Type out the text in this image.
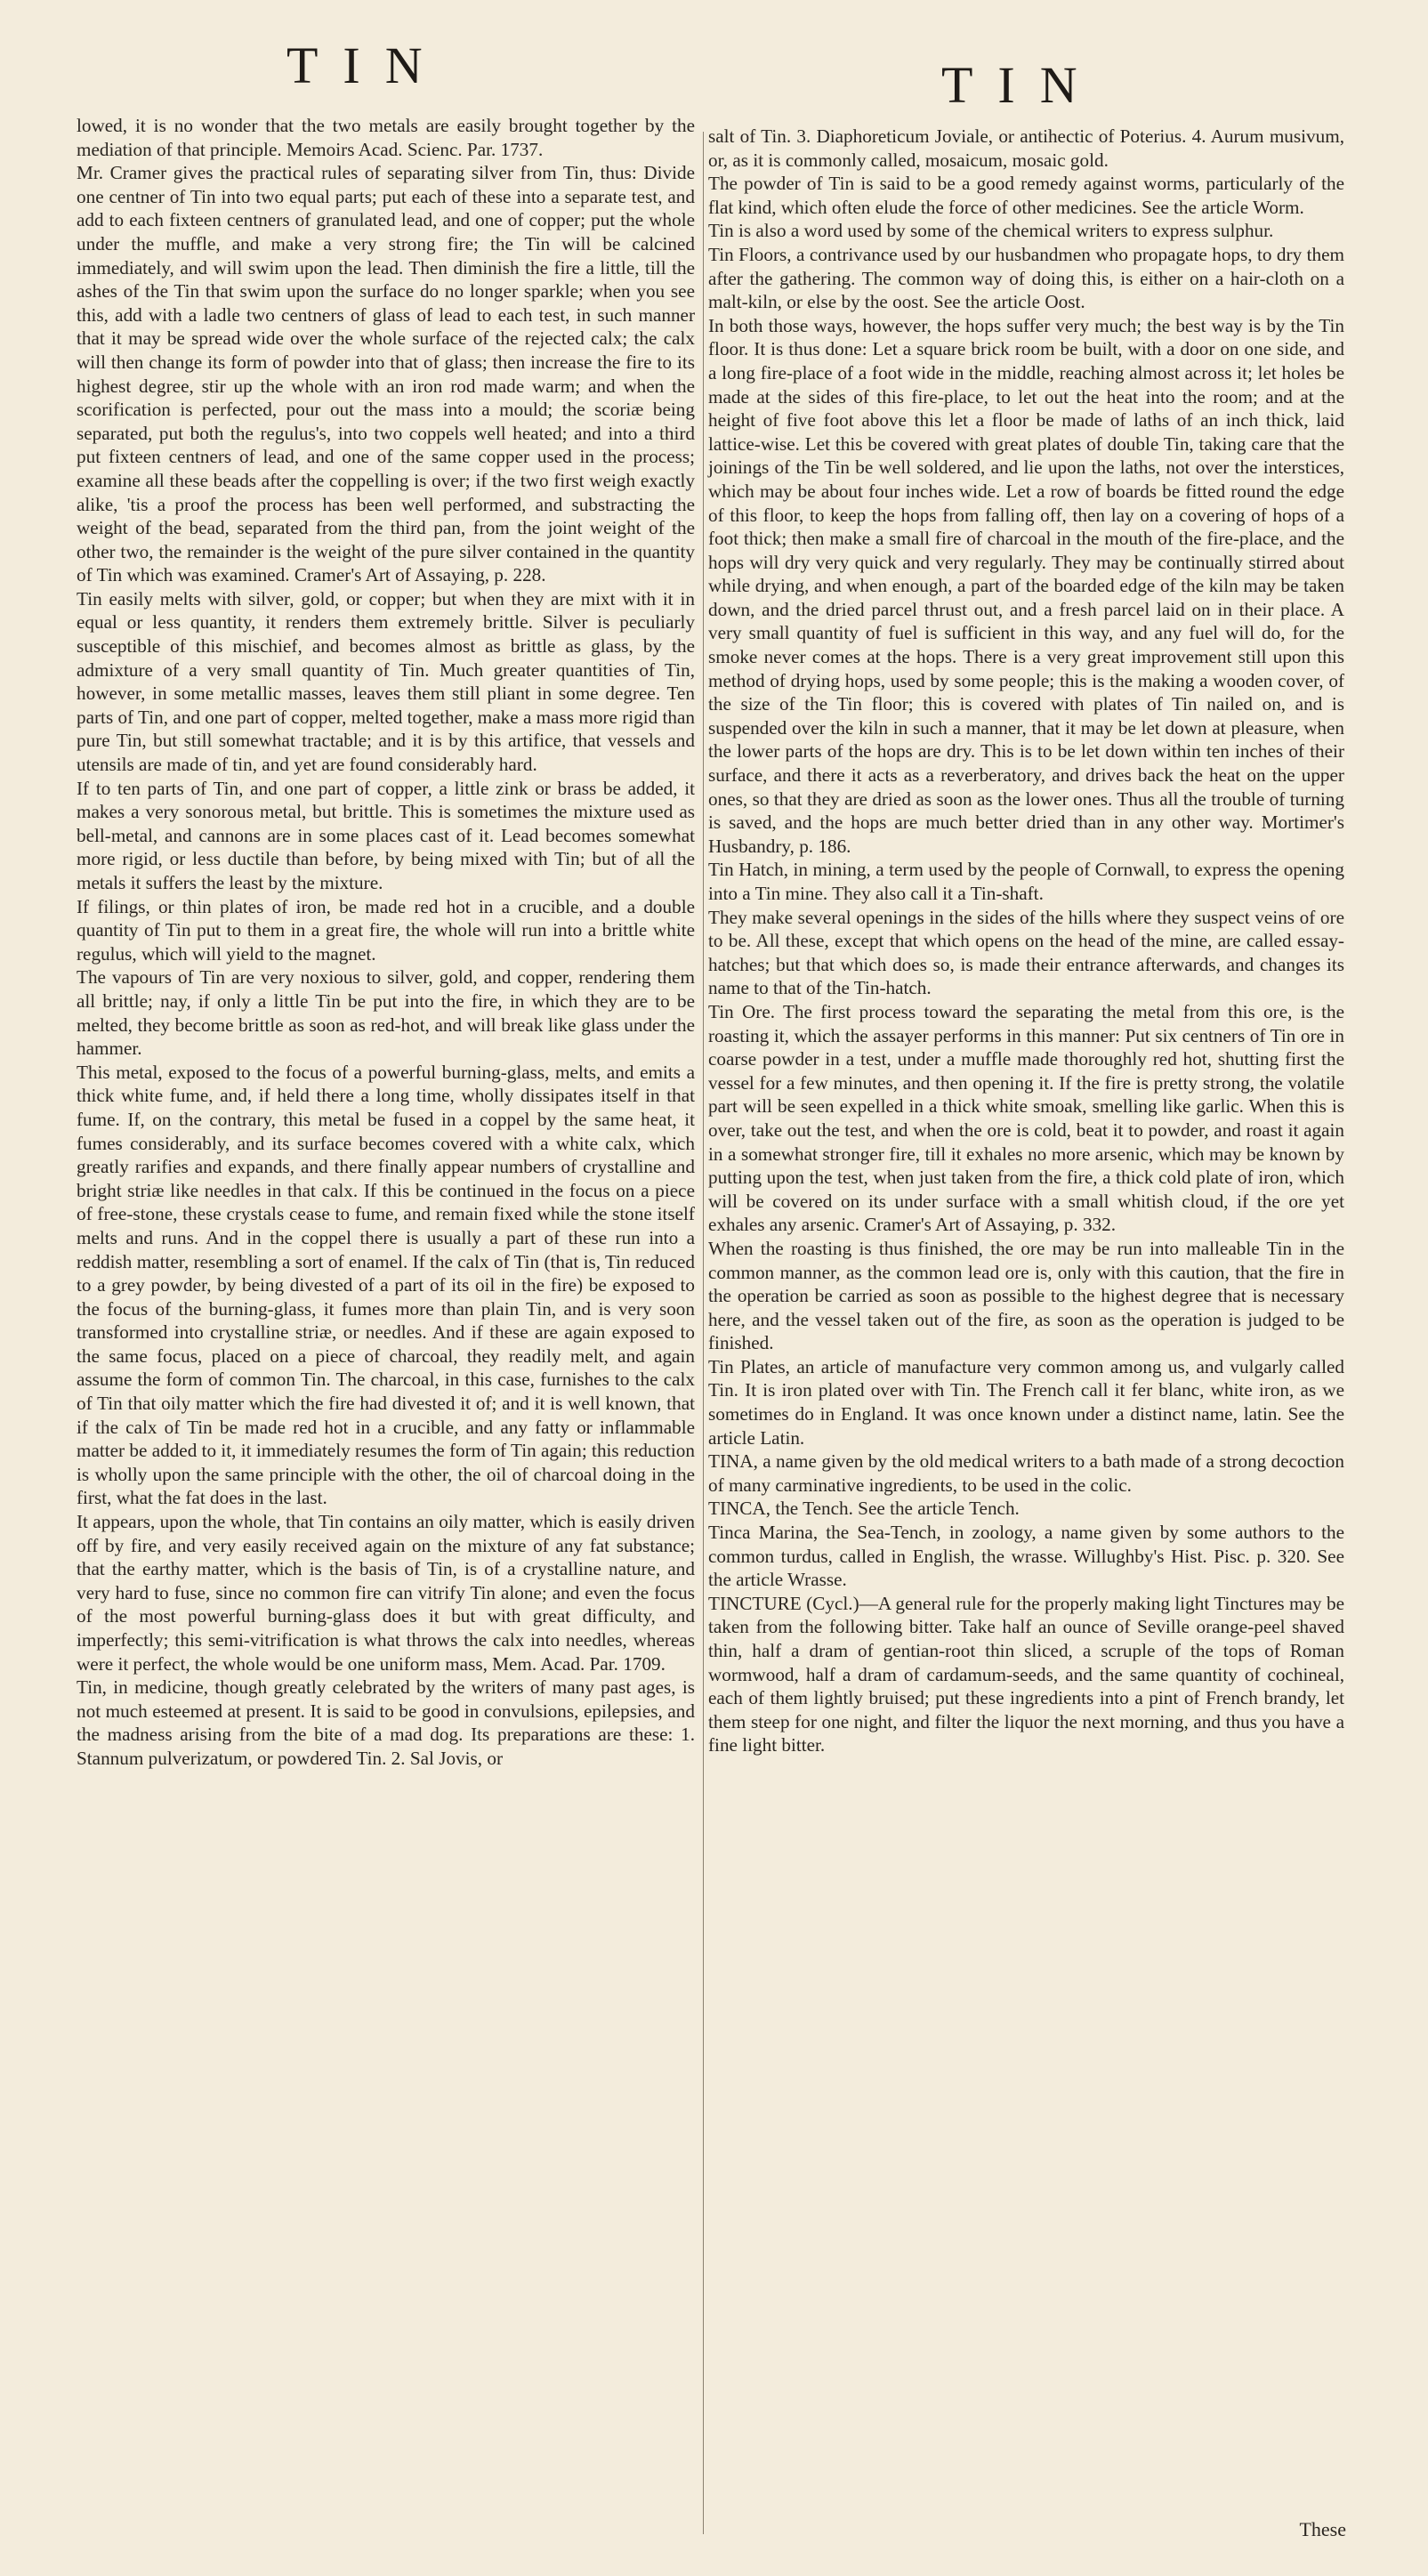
TIN	TIN

lowed, it is no wonder that the two metals are easily brought together by the mediation of that principle. Memoirs Acad. Scienc. Par. 1737.

Mr. Cramer gives the practical rules of separating silver from Tin, thus: Divide one centner of Tin into two equal parts; put each of these into a separate test, and add to each fixteen centners of granulated lead, and one of copper; put the whole under the muffle, and make a very strong fire; the Tin will be calcined immediately, and will swim upon the lead. Then diminish the fire a little, till the ashes of the Tin that swim upon the surface do no longer sparkle; when you see this, add with a ladle two centners of glass of lead to each test, in such manner that it may be spread wide over the whole surface of the rejected calx; the calx will then change its form of powder into that of glass; then increase the fire to its highest degree, stir up the whole with an iron rod made warm; and when the scorification is perfected, pour out the mass into a mould; the scoriæ being separated, put both the regulus's, into two coppels well heated; and into a third put fixteen centners of lead, and one of the same copper used in the process; examine all these beads after the coppelling is over; if the two first weigh exactly alike, 'tis a proof the process has been well performed, and substracting the weight of the bead, separated from the third pan, from the joint weight of the other two, the remainder is the weight of the pure silver contained in the quantity of Tin which was examined. Cramer's Art of Assaying, p. 228.

Tin easily melts with silver, gold, or copper; but when they are mixt with it in equal or less quantity, it renders them extremely brittle. Silver is peculiarly susceptible of this mischief, and becomes almost as brittle as glass, by the admixture of a very small quantity of Tin. Much greater quantities of Tin, however, in some metallic masses, leaves them still pliant in some degree. Ten parts of Tin, and one part of copper, melted together, make a mass more rigid than pure Tin, but still somewhat tractable; and it is by this artifice, that vessels and utensils are made of tin, and yet are found considerably hard.

If to ten parts of Tin, and one part of copper, a little zink or brass be added, it makes a very sonorous metal, but brittle. This is sometimes the mixture used as bell-metal, and cannons are in some places cast of it. Lead becomes somewhat more rigid, or less ductile than before, by being mixed with Tin; but of all the metals it suffers the least by the mixture.

If filings, or thin plates of iron, be made red hot in a crucible, and a double quantity of Tin put to them in a great fire, the whole will run into a brittle white regulus, which will yield to the magnet.

The vapours of Tin are very noxious to silver, gold, and copper, rendering them all brittle; nay, if only a little Tin be put into the fire, in which they are to be melted, they become brittle as soon as red-hot, and will break like glass under the hammer.

This metal, exposed to the focus of a powerful burning-glass, melts, and emits a thick white fume, and, if held there a long time, wholly dissipates itself in that fume. If, on the contrary, this metal be fused in a coppel by the same heat, it fumes considerably, and its surface becomes covered with a white calx, which greatly rarifies and expands, and there finally appear numbers of crystalline and bright striæ like needles in that calx. If this be continued in the focus on a piece of free-stone, these crystals cease to fume, and remain fixed while the stone itself melts and runs. And in the coppel there is usually a part of these run into a reddish matter, resembling a sort of enamel. If the calx of Tin (that is, Tin reduced to a grey powder, by being divested of a part of its oil in the fire) be exposed to the focus of the burning-glass, it fumes more than plain Tin, and is very soon transformed into crystalline striæ, or needles. And if these are again exposed to the same focus, placed on a piece of charcoal, they readily melt, and again assume the form of common Tin. The charcoal, in this case, furnishes to the calx of Tin that oily matter which the fire had divested it of; and it is well known, that if the calx of Tin be made red hot in a crucible, and any fatty or inflammable matter be added to it, it immediately resumes the form of Tin again; this reduction is wholly upon the same principle with the other, the oil of charcoal doing in the first, what the fat does in the last.

It appears, upon the whole, that Tin contains an oily matter, which is easily driven off by fire, and very easily received again on the mixture of any fat substance; that the earthy matter, which is the basis of Tin, is of a crystalline nature, and very hard to fuse, since no common fire can vitrify Tin alone; and even the focus of the most powerful burning-glass does it but with great difficulty, and imperfectly; this semi-vitrification is what throws the calx into needles, whereas were it perfect, the whole would be one uniform mass, Mem. Acad. Par. 1709.

Tin, in medicine, though greatly celebrated by the writers of many past ages, is not much esteemed at present. It is said to be good in convulsions, epilepsies, and the madness arising from the bite of a mad dog. Its preparations are these: 1. Stannum pulverizatum, or powdered Tin. 2. Sal Jovis, or

salt of Tin. 3. Diaphoreticum Joviale, or antihectic of Poterius. 4. Aurum musivum, or, as it is commonly called, mosaicum, mosaic gold.

The powder of Tin is said to be a good remedy against worms, particularly of the flat kind, which often elude the force of other medicines. See the article Worm.

Tin is also a word used by some of the chemical writers to express sulphur.

Tin Floors, a contrivance used by our husbandmen who propagate hops, to dry them after the gathering. The common way of doing this, is either on a hair-cloth on a malt-kiln, or else by the oost. See the article Oost.

In both those ways, however, the hops suffer very much; the best way is by the Tin floor. It is thus done: Let a square brick room be built, with a door on one side, and a long fire-place of a foot wide in the middle, reaching almost across it; let holes be made at the sides of this fire-place, to let out the heat into the room; and at the height of five foot above this let a floor be made of laths of an inch thick, laid lattice-wise. Let this be covered with great plates of double Tin, taking care that the joinings of the Tin be well soldered, and lie upon the laths, not over the interstices, which may be about four inches wide. Let a row of boards be fitted round the edge of this floor, to keep the hops from falling off, then lay on a covering of hops of a foot thick; then make a small fire of charcoal in the mouth of the fire-place, and the hops will dry very quick and very regularly. They may be continually stirred about while drying, and when enough, a part of the boarded edge of the kiln may be taken down, and the dried parcel thrust out, and a fresh parcel laid on in their place. A very small quantity of fuel is sufficient in this way, and any fuel will do, for the smoke never comes at the hops. There is a very great improvement still upon this method of drying hops, used by some people; this is the making a wooden cover, of the size of the Tin floor; this is covered with plates of Tin nailed on, and is suspended over the kiln in such a manner, that it may be let down at pleasure, when the lower parts of the hops are dry. This is to be let down within ten inches of their surface, and there it acts as a reverberatory, and drives back the heat on the upper ones, so that they are dried as soon as the lower ones. Thus all the trouble of turning is saved, and the hops are much better dried than in any other way. Mortimer's Husbandry, p. 186.

Tin Hatch, in mining, a term used by the people of Cornwall, to express the opening into a Tin mine. They also call it a Tin-shaft.

They make several openings in the sides of the hills where they suspect veins of ore to be. All these, except that which opens on the head of the mine, are called essay-hatches; but that which does so, is made their entrance afterwards, and changes its name to that of the Tin-hatch.

Tin Ore. The first process toward the separating the metal from this ore, is the roasting it, which the assayer performs in this manner: Put six centners of Tin ore in coarse powder in a test, under a muffle made thoroughly red hot, shutting first the vessel for a few minutes, and then opening it. If the fire is pretty strong, the volatile part will be seen expelled in a thick white smoak, smelling like garlic. When this is over, take out the test, and when the ore is cold, beat it to powder, and roast it again in a somewhat stronger fire, till it exhales no more arsenic, which may be known by putting upon the test, when just taken from the fire, a thick cold plate of iron, which will be covered on its under surface with a small whitish cloud, if the ore yet exhales any arsenic. Cramer's Art of Assaying, p. 332.

When the roasting is thus finished, the ore may be run into malleable Tin in the common manner, as the common lead ore is, only with this caution, that the fire in the operation be carried as soon as possible to the highest degree that is necessary here, and the vessel taken out of the fire, as soon as the operation is judged to be finished.

Tin Plates, an article of manufacture very common among us, and vulgarly called Tin. It is iron plated over with Tin. The French call it fer blanc, white iron, as we sometimes do in England. It was once known under a distinct name, latin. See the article Latin.

TINA, a name given by the old medical writers to a bath made of a strong decoction of many carminative ingredients, to be used in the colic.

TINCA, the Tench. See the article Tench.

Tinca Marina, the Sea-Tench, in zoology, a name given by some authors to the common turdus, called in English, the wrasse. Willughby's Hist. Pisc. p. 320. See the article Wrasse.

TINCTURE (Cycl.)—A general rule for the properly making light Tinctures may be taken from the following bitter. Take half an ounce of Seville orange-peel shaved thin, half a dram of gentian-root thin sliced, a scruple of the tops of Roman wormwood, half a dram of cardamum-seeds, and the same quantity of cochineal, each of them lightly bruised; put these ingredients into a pint of French brandy, let them steep for one night, and filter the liquor the next morning, and thus you have a fine light bitter.

These
